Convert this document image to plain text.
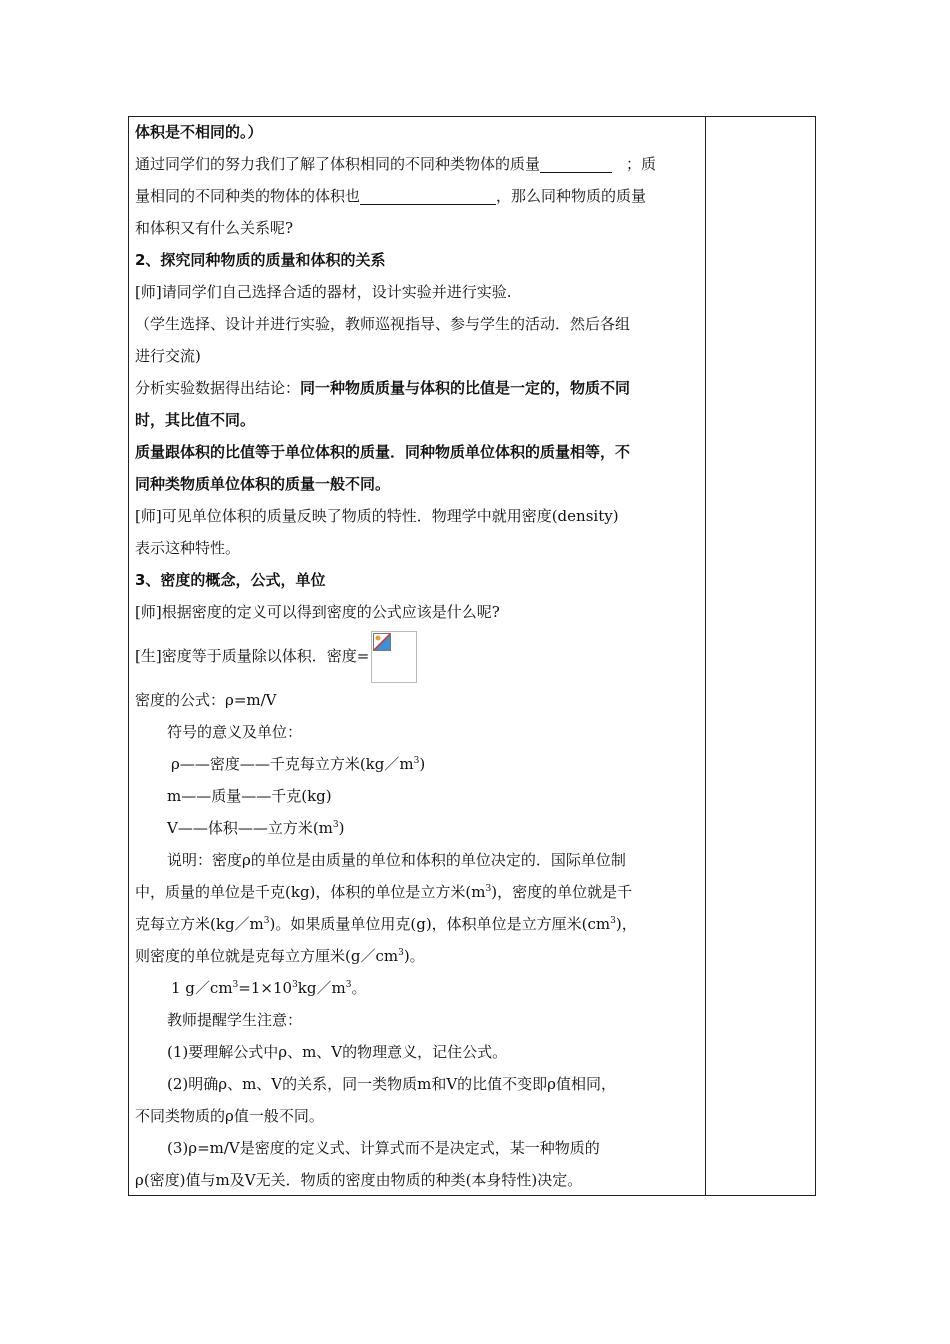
体积是不相同的。）
通过同学们的努力我们了解了体积相同的不同种类物体的质量	；质
量相同的不同种类的物体的体积也	，那么同种物质的质量
和体积又有什么关系呢?
2、探究同种物质的质量和体积的关系
[师]请同学们自己选择合适的器材，设计实验并进行实验.
（学生选择、设计并进行实验，教师巡视指导、参与学生的活动．然后各组
进行交流)
分析实验数据得出结论：同一种物质质量与体积的比值是一定的，物质不同
时，其比值不同。
质量跟体积的比值等于单位体积的质量．同种物质单位体积的质量相等，不
同种类物质单位体积的质量一般不同。
[师]可见单位体积的质量反映了物质的特性．物理学中就用密度(density)
表示这种特性。
3、密度的概念，公式，单位
[师]根据密度的定义可以得到密度的公式应该是什么呢?
[生]密度等于质量除以体积．密度=
密度的公式：ρ=m/V
符号的意义及单位：
ρ——密度——千克每立方米$(kg/m^3)$
m——质量——千克(kg)
V——体积——立方米$(m^3)$
说明：密度ρ的单位是由质量的单位和体积的单位决定的．国际单位制
中，质量的单位是千克(kg)，体积的单位是立方米$(m^3)$，密度的单位就是千
克每立方米$(kg/m^3)$。如果质量单位用克(g)，体积单位是立方厘米$(cm^3)$，
则密度的单位就是克每立方厘米$(g/cm^3)$。
1 $g/cm^3=1\times 10^3kg/m^3$。
教师提醒学生注意：
(1)要理解公式中ρ、m、V的物理意义，记住公式。
(2)明确ρ、m、V的关系，同一类物质m和V的比值不变即ρ值相同，
不同类物质的ρ值一般不同。
(3)ρ=m/V是密度的定义式、计算式而不是决定式，某一种物质的
ρ(密度)值与m及V无关．物质的密度由物质的种类(本身特性)决定。
